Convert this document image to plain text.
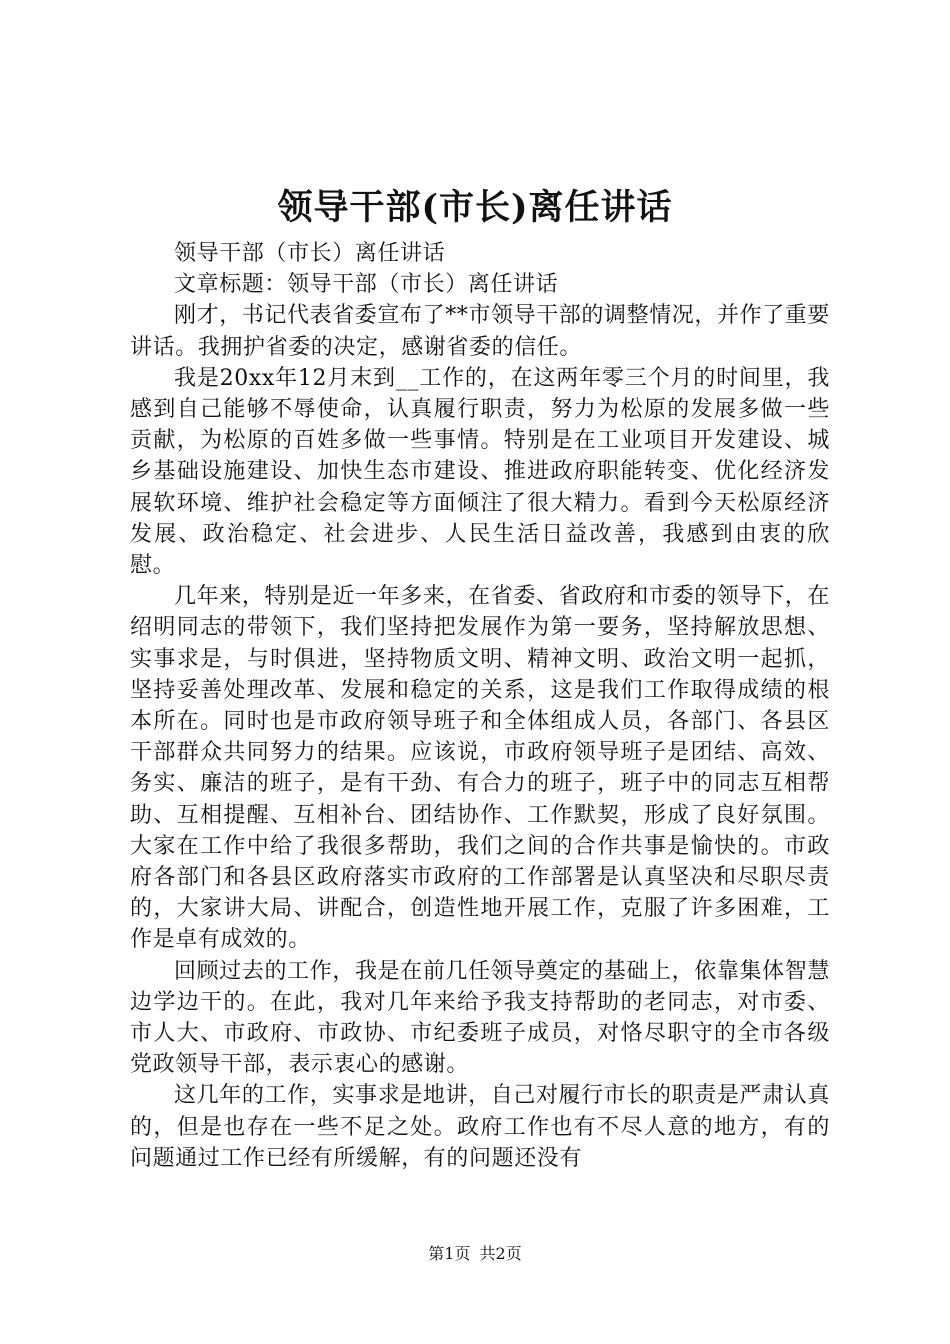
领导干部(市长)离任讲话

领导干部（市长）离任讲话

文章标题：领导干部（市长）离任讲话

刚才，书记代表省委宣布了**市领导干部的调整情况，并作了重要讲话。我拥护省委的决定，感谢省委的信任。

我是20xx年12月末到__工作的，在这两年零三个月的时间里，我感到自己能够不辱使命，认真履行职责，努力为松原的发展多做一些贡献，为松原的百姓多做一些事情。特别是在工业项目开发建设、城乡基础设施建设、加快生态市建设、推进政府职能转变、优化经济发展软环境、维护社会稳定等方面倾注了很大精力。看到今天松原经济发展、政治稳定、社会进步、人民生活日益改善，我感到由衷的欣慰。

几年来，特别是近一年多来，在省委、省政府和市委的领导下，在绍明同志的带领下，我们坚持把发展作为第一要务，坚持解放思想、实事求是，与时俱进，坚持物质文明、精神文明、政治文明一起抓，坚持妥善处理改革、发展和稳定的关系，这是我们工作取得成绩的根本所在。同时也是市政府领导班子和全体组成人员，各部门、各县区干部群众共同努力的结果。应该说，市政府领导班子是团结、高效、务实、廉洁的班子，是有干劲、有合力的班子，班子中的同志互相帮助、互相提醒、互相补台、团结协作、工作默契，形成了良好氛围。大家在工作中给了我很多帮助，我们之间的合作共事是愉快的。市政府各部门和各县区政府落实市政府的工作部署是认真坚决和尽职尽责的，大家讲大局、讲配合，创造性地开展工作，克服了许多困难，工作是卓有成效的。

回顾过去的工作，我是在前几任领导奠定的基础上，依靠集体智慧边学边干的。在此，我对几年来给予我支持帮助的老同志，对市委、市人大、市政府、市政协、市纪委班子成员，对恪尽职守的全市各级党政领导干部，表示衷心的感谢。

这几年的工作，实事求是地讲，自己对履行市长的职责是严肃认真的，但是也存在一些不足之处。政府工作也有不尽人意的地方，有的问题通过工作已经有所缓解，有的问题还没有

第1页 共2页
